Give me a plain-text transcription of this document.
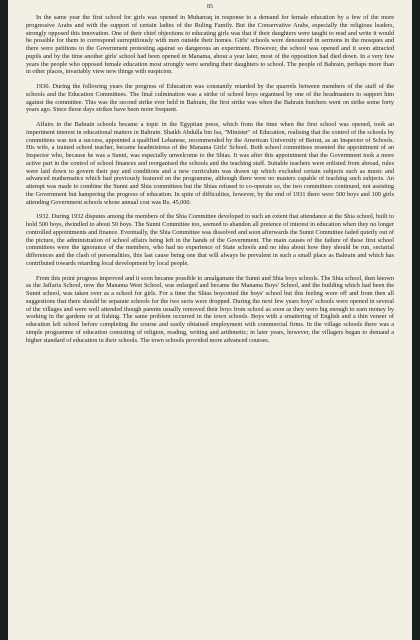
85

In the same year the first school for girls was opened in Muharraq in response to a demand for female education by a few of the more progressive Arabs and with the support of certain ladies of the Ruling Family. But the Conservative Arabs, especially the religious leaders, strongly opposed this innovation. One of their chief objections to educating girls was that if their daughters were taught to read and write it would be possible for them to correspond surreptitiously with men outside their homes. Girls' schools were denounced in sermons in the mosques and there were petitions to the Government protesting against so dangerous an experiment. However, the school was opened and it soon attracted pupils and by the time another girls' school had been opened in Manama, about a year later, most of the opposition had died down. In a very few years the people who opposed female education most strongly were sending their daughters to school. The people of Bahrain, perhaps more than in other places, invariably view new things with suspicion.

1930. During the following years the progress of Education was constantly retarded by the quarrels between members of the staff of the schools and the Education Committees. The final culmination was a strike of school boys organised by one of the headmasters to support him against the committee. This was the second strike ever held in Bahrain, the first strike was when the Bahrain butchers went on strike some forty years ago. Since those days strikes have been more frequent.

Affairs in the Bahrain schools became a topic in the Egyptian press, which from the time when the first school was opened, took an impertinent interest in educational matters in Bahrain. Shaikh Abdulla bin Isa, "Minister" of Education, realising that the control of the schools by committees was not a success, appointed a qualified Lebanese, recommended by the American University of Beirut, as an Inspector of Schools. His wife, a trained school teacher, became headmistress of the Manama Girls' School. Both school committees resented the appointment of an Inspector who, because he was a Sunni, was especially unwelcome to the Shias. It was after this appointment that the Government took a more active part in the control of school finances and reorganised the schools and the teaching staff. Suitable teachers were enlisted from abroad, rules were laid down to govern their pay and conditions and a new curriculum was drawn up which excluded certain subjects such as music and advanced mathematics which had previously featured on the programme, although there were no masters capable of teaching such subjects. An attempt was made to combine the Sunni and Shia committees but the Shias refused to co-operate so, the two committees continued, not assisting the Government but hampering the progress of education. In spite of difficulties, however, by the end of 1931 there were 500 boys and 100 girls attending Government schools whose annual cost was Rs. 45,000.

1932. During 1932 disputes among the members of the Shia Committee developed to such an extent that attendance at the Shia school, built to hold 500 boys, dwindled to about 50 boys. The Sunni Committee too, seemed to abandon all pretence of interest in education when they no longer controlled appointments and finance. Eventually, the Shia Committee was dissolved and soon afterwards the Sunni Committee faded quietly out of the picture, the administration of school affairs being left in the hands of the Government. The main causes of the failure of these first school committees were the ignorance of the members, who had no experience of State schools and no idea about how they should be run, sectarial differences and the clash of personalities, this last cause being one that will always be prevalent in such a small place as Bahrain and which has contributed towards retarding local development by local people.

From this point progress improved and it soon became possible to amalgamate the Sunni and Shia boys schools. The Shia school, then known as the Jaffaria School, now the Manama West School, was enlarged and became the Manama Boys' School, and the building which had been the Sunni school, was taken over as a school for girls. For a time the Shias boycotted the boys' school but this feeling wore off and from then all suggestions that there should be separate schools for the two sects were dropped. During the next few years boys' schools were opened in several of the villages and were well attended though parents usually removed their boys from school as soon as they were big enough to earn money by working in the gardens or at fishing. The same problem occurred in the town schools. Boys with a smattering of English and a thin veneer of education left school before completing the course and easily obtained employment with commercial firms. In the village schools there was a simple programme of education consisting of religion, reading, writing and arithmetic; in later years, however, the villagers began to demand a higher standard of education in their schools. The town schools provided more advanced courses.
